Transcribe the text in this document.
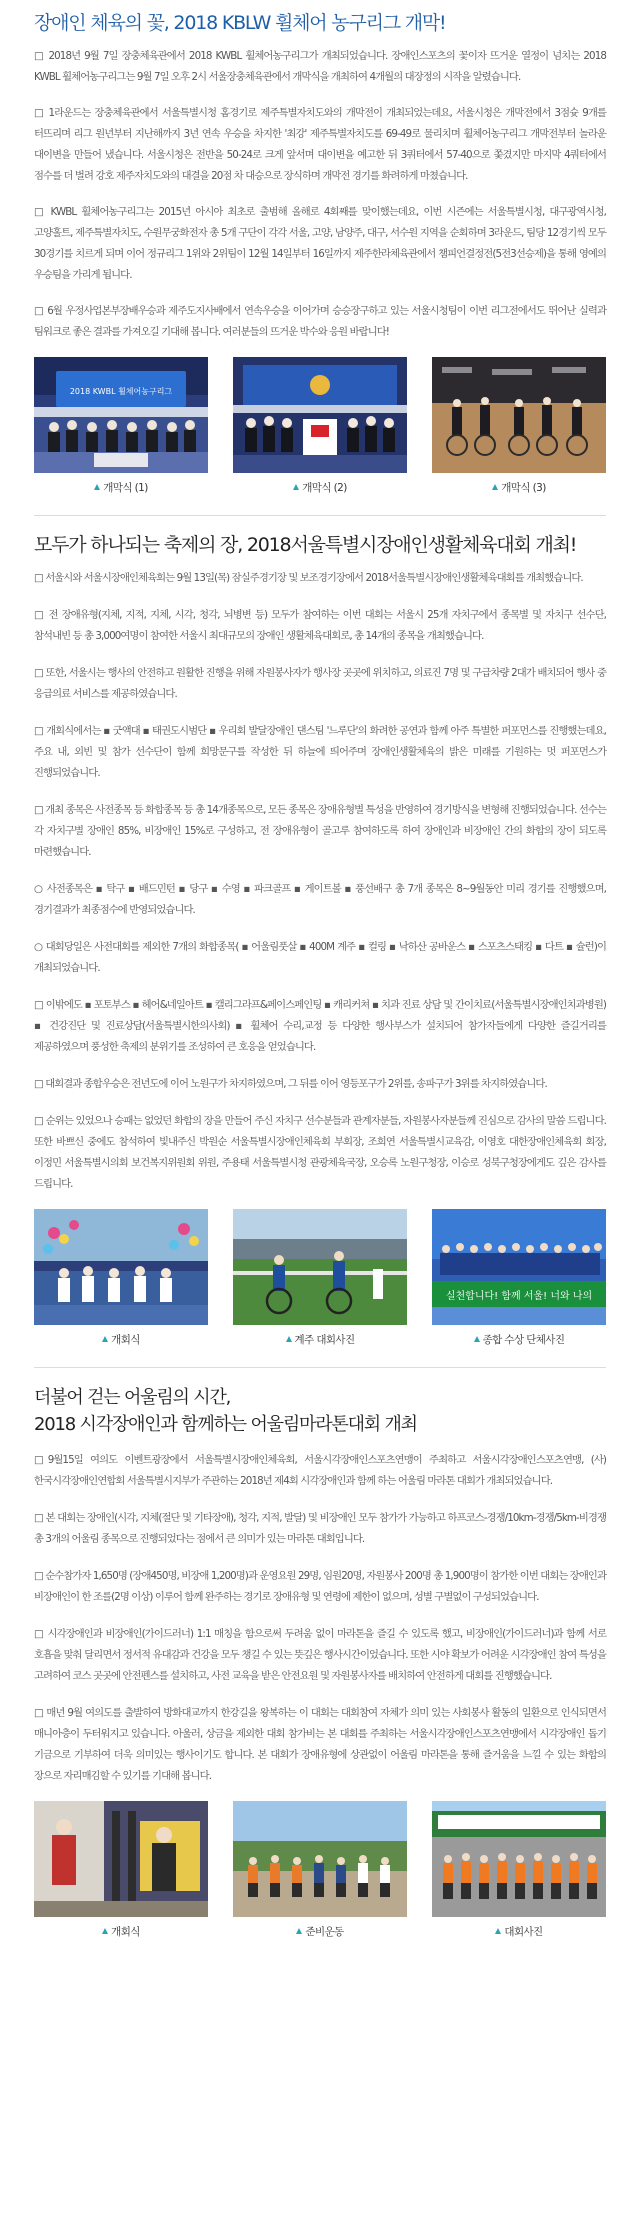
장애인 체육의 꽃, 2018 KBLW 휠체어 농구리그 개막!

□ 2018년 9월 7일 장충체육관에서 2018 KWBL 휠체어농구리그가 개최되었습니다. 장애인스포츠의 꽃이자 뜨거운 열정이 넘치는 2018 KWBL 휠체어농구리그는 9월 7일 오후 2시 서울장충체육관에서 개막식을 개최하여 4개월의 대장정의 시작을 알렸습니다.

□ 1라운드는 장충체육관에서 서울특별시청 홈경기로 제주특별자치도와의 개막전이 개최되었는데요, 서울시청은 개막전에서 3점슛 9개를 터뜨리며 리그 원년부터 지난해까지 3년 연속 우승을 차지한 '최강' 제주특별자치도를 69-49로 물리치며 휠체어농구리그 개막전부터 놀라운 대이변을 만들어 냈습니다. 서울시청은 전반을 50-24로 크게 앞서며 대이변을 예고한 뒤 3쿼터에서 57-40으로 쫓겼지만 마지막 4쿼터에서 점수를 더 벌려 강호 제주자치도와의 대결을 20점 차 대승으로 장식하며 개막전 경기를 화려하게 마쳤습니다.

□ KWBL 휠체어농구리그는 2015년 아시아 최초로 출범해 올해로 4회째를 맞이했는데요, 이번 시즌에는 서울특별시청, 대구광역시청, 고양홀트, 제주특별자치도, 수원무궁화전자 총 5개 구단이 각각 서울, 고양, 남양주, 대구, 서수원 지역을 순회하며 3라운드, 팀당 12경기씩 모두 30경기를 치르게 되며 이어 정규리그 1위와 2위팀이 12월 14일부터 16일까지 제주한라체육관에서 챔피언결정전(5전3선승제)을 통해 영예의 우승팀을 가리게 됩니다.

□ 6월 우정사업본부장배우승과 제주도지사배에서 연속우승을 이어가며 승승장구하고 있는 서울시청팀이 이번 리그전에서도 뛰어난 실력과 팀워크로 좋은 결과를 가져오길 기대해 봅니다. 여러분들의 뜨거운 박수와 응원 바랍니다!

2018 KWBL 휠체어농구리그
개막식 (1)	개막식 (2)	개막식 (3)
모두가 하나되는 축제의 장, 2018서울특별시장애인생활체육대회 개최!

□ 서울시와 서울시장애인체육회는 9월 13일(목) 잠실주경기장 및 보조경기장에서 2018서울특별시장애인생활체육대회를 개최했습니다.

□ 전 장애유형(지체, 지적, 지체, 시각, 청각, 뇌병변 등) 모두가 참여하는 이번 대회는 서울시 25개 자치구에서 종목별 및 자치구 선수단, 참석내빈 등 총 3,000여명이 참여한 서울시 최대규모의 장애인 생활체육대회로, 총 14개의 종목을 개최했습니다.

□ 또한, 서울시는 행사의 안전하고 원활한 진행을 위해 자원봉사자가 행사장 곳곳에 위치하고, 의료진 7명 및 구급차량 2대가 배치되어 행사 중 응급의료 서비스를 제공하였습니다.

□ 개회식에서는 ▪ 굿액대 ▪ 태권도시범단 ▪ 우리회 발달장애인 댄스팀 '느루단'의 화려한 공연과 함께 아주 특별한 퍼포먼스를 진행했는데요, 주요 내, 외빈 및 참가 선수단이 함께 희망문구를 작성한 뒤 하늘에 띄어주며 장애인생활체육의 밝은 미래를 기원하는 멋 퍼포먼스가 진행되었습니다.

□ 개최 종목은 사전종목 등 화합종목 등 총 14개종목으로, 모든 종목은 장애유형별 특성을 반영하여 경기방식을 변형해 진행되었습니다. 선수는 각 자치구별 장애인 85%, 비장애인 15%로 구성하고, 전 장애유형이 골고루 참여하도록 하여 장애인과 비장애인 간의 화합의 장이 되도록 마련했습니다.

○ 사전종목은 ▪ 탁구 ▪ 배드민턴 ▪ 당구 ▪ 수영 ▪ 파크골프 ▪ 게이트볼 ▪ 풍선배구 총 7개 종목은 8~9월동안 미리 경기를 진행했으며, 경기결과가 최종점수에 반영되었습니다.

○ 대회당일은 사전대회를 제외한 7개의 화합종목( ▪ 어울림풋살 ▪ 400M 계주 ▪ 컬링 ▪ 낙하산 공바운스 ▪ 스포츠스태킹 ▪ 다트 ▪ 슐런)이 개최되었습니다.

□ 이밖에도 ▪ 포토부스 ▪ 헤어&네일아트 ▪ 캘리그라프&페이스페인팅 ▪ 캐리커쳐 ▪ 치과 진료 상담 및 간이치료(서울특별시장애인치과병원) ▪ 건강진단 및 진료상담(서울특별시한의사회) ▪ 휠체어 수리,교정 등 다양한 행사부스가 설치되어 참가자들에게 다양한 즐길거리를 제공하였으며 풍성한 축제의 분위기를 조성하여 큰 호응을 얻었습니다.

□ 대회결과 종합우승은 전년도에 이어 노원구가 차지하였으며, 그 뒤를 이어 영등포구가 2위를, 송파구가 3위를 차지하였습니다.

□ 순위는 있었으나 승패는 없었던 화합의 장을 만들어 주신 자치구 선수분들과 관계자분들, 자원봉사자분들께 진심으로 감사의 말씀 드립니다. 또한 바쁘신 중에도 참석하여 빛내주신 박원순 서울특별시장애인체육회 부회장, 조희연 서울특별시교육감, 이영호 대한장애인체육회 회장, 이정민 서울특별시의회 보건복지위원회 위원, 주용태 서울특별시청 관광체육국장, 오승록 노원구청장, 이승로 성북구청장에게도 깊은 감사를 드립니다.

개회식	계주 대회사진
실천합니다! 함께 서울! 너와 나의
종합 수상 단체사진
더불어 걷는 어울림의 시간,
2018 시각장애인과 함께하는 어울림마라톤대회 개최

□9월15일 여의도 이벤트광장에서 서울특별시장애인체육회, 서울시각장애인스포츠연맹이 주최하고 서울시각장애인스포츠연맹, (사)한국시각장애인연합회 서울특별시지부가 주관하는 2018년 제4회 시각장애인과 함께 하는 어울림 마라톤 대회가 개최되었습니다.

□ 본 대회는 장애인(시각, 지체(절단 및 기타장애), 청각, 지적, 발달) 및 비장애인 모두 참가가 가능하고 하프코스-경쟁/10km-경쟁/5km-비경쟁 총 3개의 어울림 종목으로 진행되었다는 점에서 큰 의미가 있는 마라톤 대회입니다.

□ 순수참가자 1,650명 (장애450명, 비장애 1,200명)과 운영요원 29명, 임원20명, 자원봉사 200명 총 1,900명이 참가한 이번 대회는 장애인과 비장애인이 한 조를(2명 이상) 이루어 함께 완주하는 경기로 장애유형 및 연령에 제한이 없으며, 성별 구별없이 구성되었습니다.

□ 시각장애인과 비장애인(가이드러너) 1:1 매칭을 함으로써 두려움 없이 마라톤을 즐길 수 있도록 했고, 비장애인(가이드러너)과 함께 서로 호흡을 맞춰 달리면서 정서적 유대감과 건강을 모두 챙길 수 있는 뜻깊은 행사시간이었습니다. 또한 시야 확보가 어려운 시각장애인 참여 특성을 고려하여 코스 곳곳에 안전펜스를 설치하고, 사전 교육을 받은 안전요원 및 자원봉사자를 배치하여 안전하게 대회를 진행했습니다.

□ 매년 9월 여의도를 출발하여 방화대교까지 한강길을 왕복하는 이 대회는 대회참여 자체가 의미 있는 사회봉사 활동의 일환으로 인식되면서 매니아층이 두터워지고 있습니다. 아울러, 상금을 제외한 대회 참가비는 본 대회를 주최하는 서울시각장애인스포츠연맹에서 시각장애인 돕기 기금으로 기부하여 더욱 의미있는 행사이기도 합니다. 본 대회가 장애유형에 상관없이 어울림 마라톤을 통해 즐거움을 느낄 수 있는 화합의 장으로 자리매김할 수 있기를 기대해 봅니다.

개회식	준비운동	대회사진
